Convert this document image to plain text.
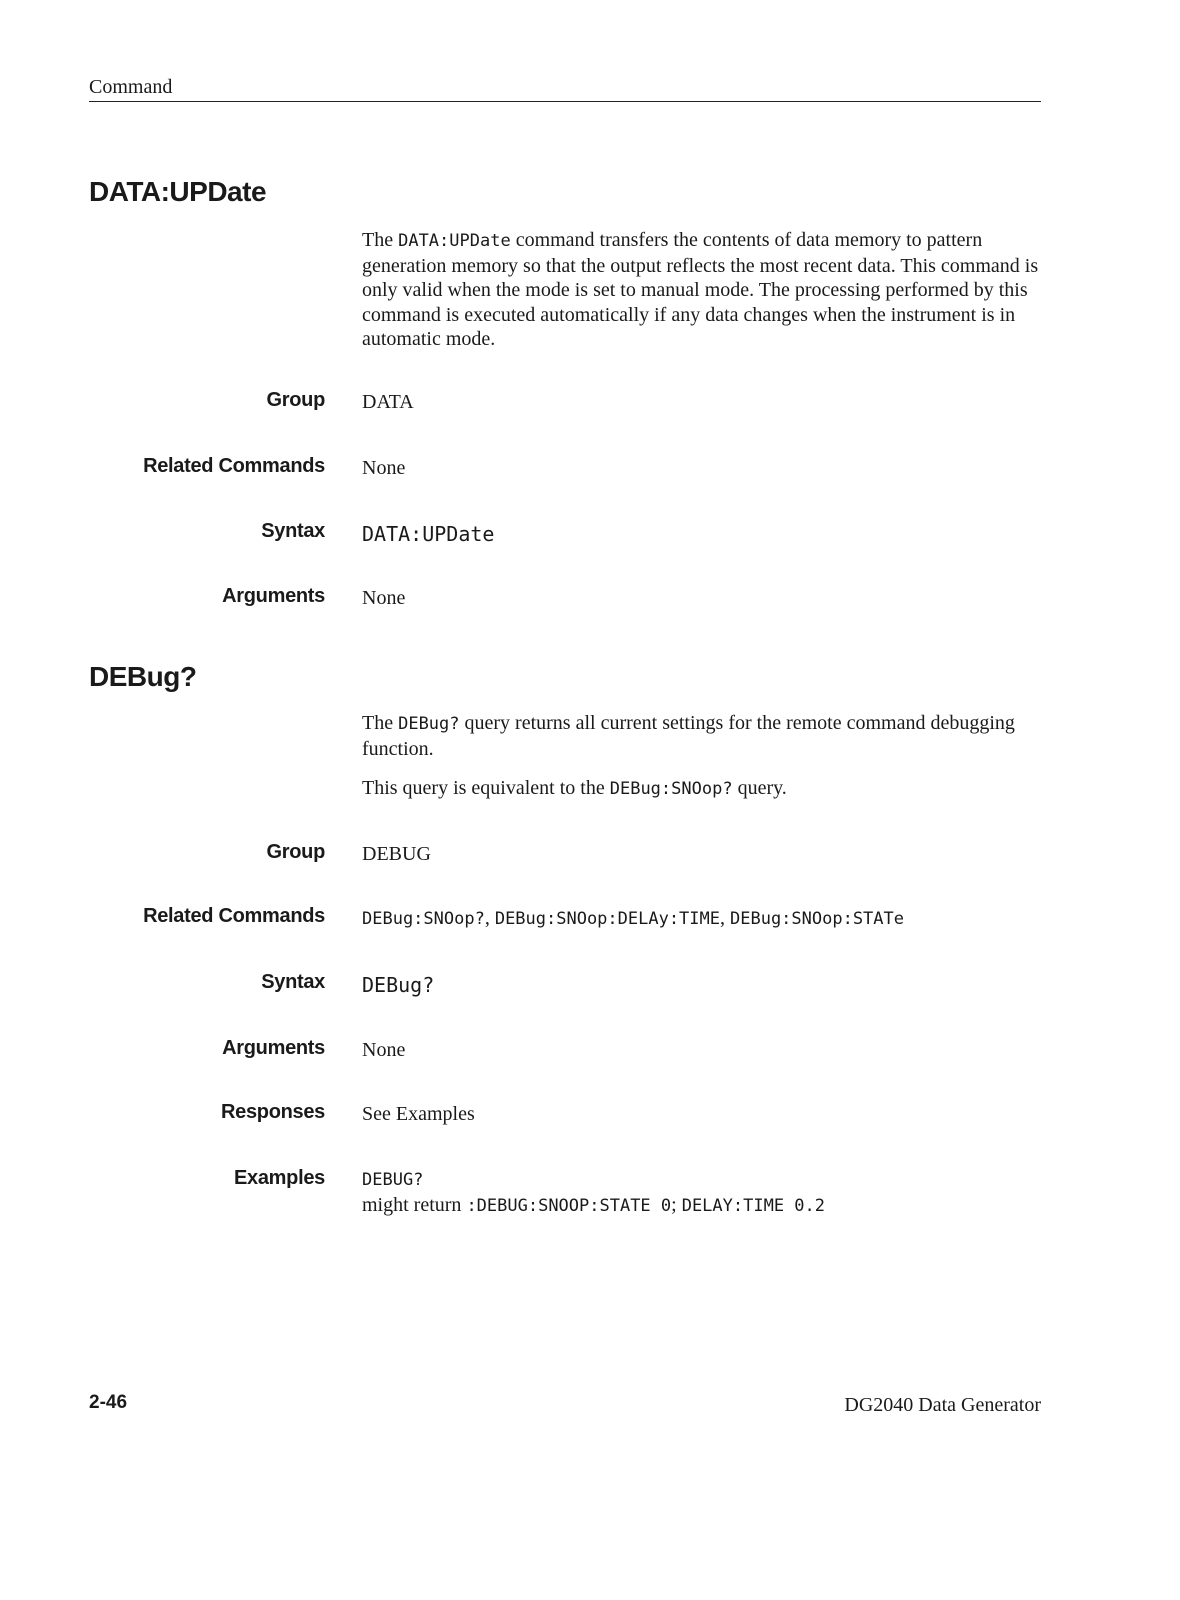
Command
DATA:UPDate
The DATA:UPDate command transfers the contents of data memory to pattern generation memory so that the output reflects the most recent data. This command is only valid when the mode is set to manual mode. The processing performed by this command is executed automatically if any data changes when the instrument is in automatic mode.
Group DATA
Related Commands None
Syntax DATA:UPDate
Arguments None
DEBug?
The DEBug? query returns all current settings for the remote command debugging function.
This query is equivalent to the DEBug:SNOop? query.
Group DEBUG
Related Commands DEBug:SNOop?, DEBug:SNOop:DELAy:TIME, DEBug:SNOop:STATe
Syntax DEBug?
Arguments None
Responses See Examples
Examples DEBUG?
might return :DEBUG:SNOOP:STATE 0; DELAY:TIME 0.2
2-46	DG2040 Data Generator
